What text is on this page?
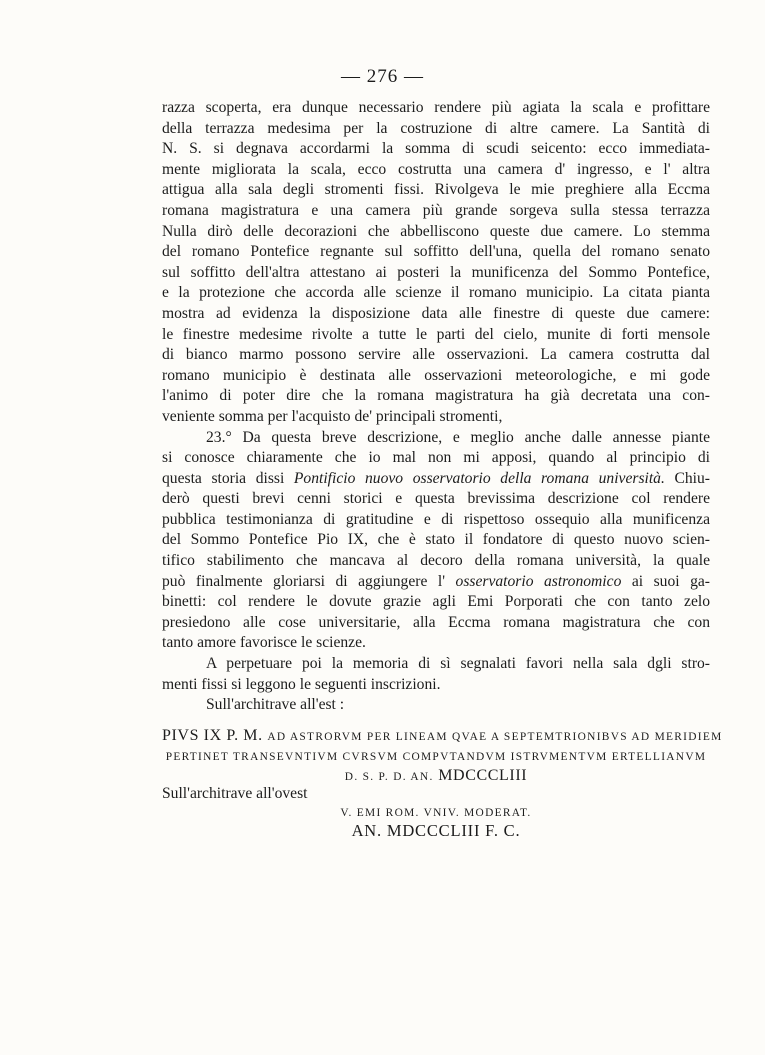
— 276 —
razza scoperta, era dunque necessario rendere più agiata la scala e profittare
della terrazza medesima per la costruzione di altre camere. La Santità di
N. S. si degnava accordarmi la somma di scudi seicento: ecco immediata-
mente migliorata la scala, ecco costrutta una camera d' ingresso, e l' altra
attigua alla sala degli stromenti fissi. Rivolgeva le mie preghiere alla Eccma
romana magistratura e una camera più grande sorgeva sulla stessa terrazza
Nulla dirò delle decorazioni che abbelliscono queste due camere. Lo stemma
del romano Pontefice regnante sul soffitto dell'una, quella del romano senato
sul soffitto dell'altra attestano ai posteri la munificenza del Sommo Pontefice,
e la protezione che accorda alle scienze il romano municipio. La citata pianta
mostra ad evidenza la disposizione data alle finestre di queste due camere:
le finestre medesime rivolte a tutte le parti del cielo, munite di forti mensole
di bianco marmo possono servire alle osservazioni. La camera costrutta dal
romano municipio è destinata alle osservazioni meteorologiche, e mi gode
l'animo di poter dire che la romana magistratura ha già decretata una con-
veniente somma per l'acquisto de' principali stromenti,
23.° Da questa breve descrizione, e meglio anche dalle annesse piante
si conosce chiaramente che io mal non mi apposi, quando al principio di
questa storia dissi Pontificio nuovo osservatorio della romana università. Chiu-
derò questi brevi cenni storici e questa brevissima descrizione col rendere
pubblica testimonianza di gratitudine e di rispettoso ossequio alla munificenza
del Sommo Pontefice Pio IX, che è stato il fondatore di questo nuovo scien-
tifico stabilimento che mancava al decoro della romana università, la quale
può finalmente gloriarsi di aggiungere l' osservatorio astronomico ai suoi ga-
binetti: col rendere le dovute grazie agli Emi Porporati che con tanto zelo
presiedono alle cose universitarie, alla Eccma romana magistratura che con
tanto amore favorisce le scienze.
A perpetuare poi la memoria di sì segnalati favori nella sala dgli stro-
menti fissi si leggono le seguenti inscrizioni.
Sull'architrave all'est :
PIVS IX P. M. AD ASTRORVM PER LINEAM QVAE A SEPTEMTRIONIBVS AD MERIDIEM
PERTINET TRANSEVNTIVM CVRSVM COMPVTANDVM ISTRVMENTVM ERTELLIANVM
D. S. P. D. AN. MDCCCLIII
Sull'architrave all'ovest
V. EMI ROM. VNIV. MODERAT.
AN. MDCCCLIII F. C.
